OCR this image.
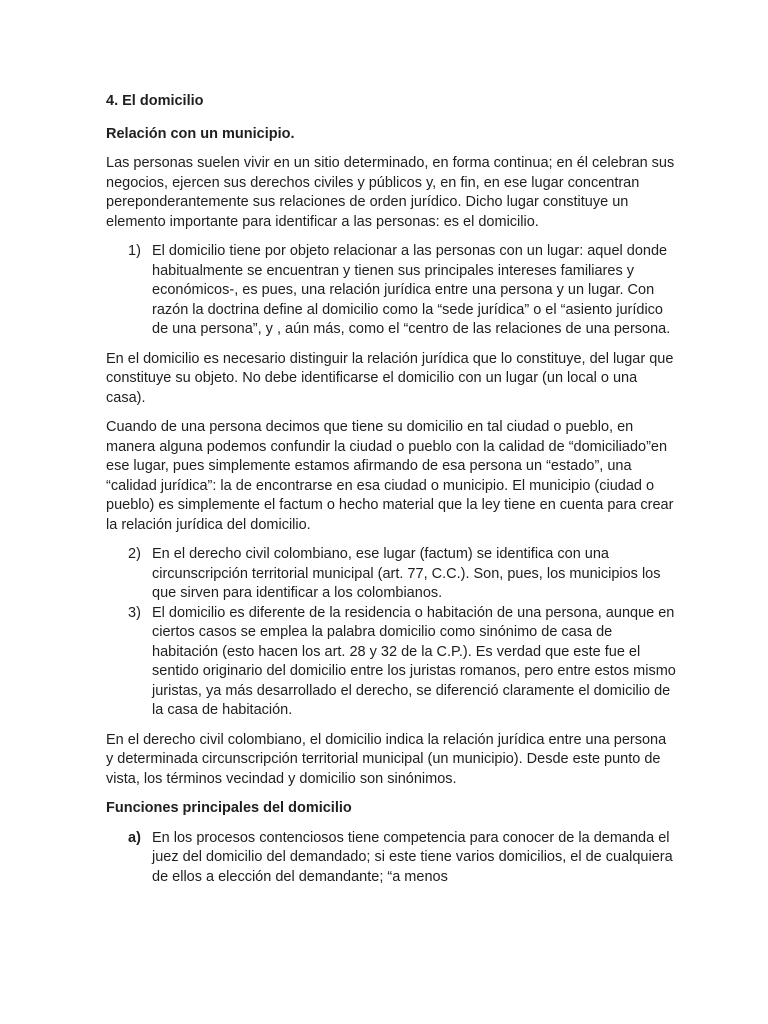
4. El domicilio
Relación con un municipio.

Las personas suelen vivir en un sitio determinado, en forma continua; en él celebran sus negocios, ejercen sus derechos civiles y públicos y, en fin, en ese lugar concentran pereponderantemente sus relaciones de orden jurídico. Dicho lugar constituye un elemento importante para identificar a las personas: es el domicilio.

1) El domicilio tiene por objeto relacionar a las personas con un lugar: aquel donde habitualmente se encuentran y tienen sus principales intereses familiares y económicos-, es pues, una relación jurídica entre una persona y un lugar. Con razón la doctrina define al domicilio como la “sede jurídica” o el “asiento jurídico de una persona”, y , aún más, como el “centro de las relaciones de una persona.

En el domicilio es necesario distinguir la relación jurídica que lo constituye, del lugar que constituye su objeto. No debe identificarse el domicilio con un lugar (un local o una casa).

Cuando de una persona decimos que tiene su domicilio en tal ciudad o pueblo, en manera alguna podemos confundir la ciudad o pueblo con la calidad de “domiciliado”en ese lugar, pues simplemente estamos afirmando de esa persona un “estado”, una “calidad jurídica”: la de encontrarse en esa ciudad o municipio. El municipio (ciudad o pueblo) es simplemente el factum o hecho material que la ley tiene en cuenta para crear la relación jurídica del domicilio.

2) En el derecho civil colombiano, ese lugar (factum) se identifica con una circunscripción territorial municipal (art. 77, C.C.). Son, pues, los municipios los que sirven para identificar a los colombianos.
3) El domicilio es diferente de la residencia o habitación de una persona, aunque en ciertos casos se emplea la palabra domicilio como sinónimo de casa de habitación (esto hacen los art. 28 y 32 de la C.P.). Es verdad que este fue el sentido originario del domicilio entre los juristas romanos, pero entre estos mismo juristas, ya más desarrollado el derecho, se diferenció claramente el domicilio de la casa de habitación.

En el derecho civil colombiano, el domicilio indica la relación jurídica entre una persona y determinada circunscripción territorial municipal (un municipio). Desde este punto de vista, los términos vecindad y domicilio son sinónimos.

Funciones principales del domicilio
a) En los procesos contenciosos tiene competencia para conocer de la demanda el juez del domicilio del demandado; si este tiene varios domicilios, el de cualquiera de ellos a elección del demandante; “a menos
